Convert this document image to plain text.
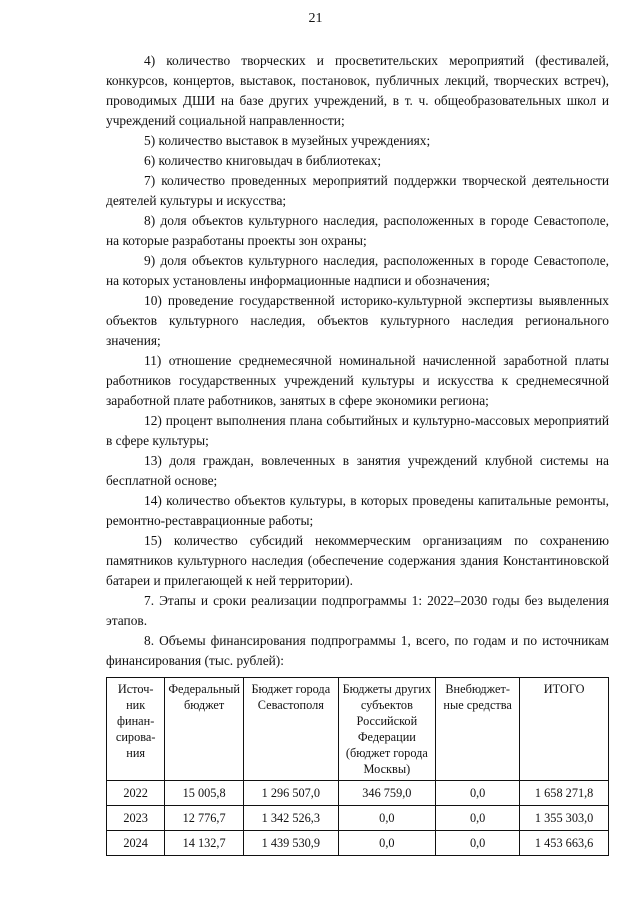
21

4) количество творческих и просветительских мероприятий (фестивалей, конкурсов, концертов, выставок, постановок, публичных лекций, творческих встреч), проводимых ДШИ на базе других учреждений, в т. ч. общеобразовательных школ и учреждений социальной направленности;

5) количество выставок в музейных учреждениях;

6) количество книговыдач в библиотеках;

7) количество проведенных мероприятий поддержки творческой деятельности деятелей культуры и искусства;

8) доля объектов культурного наследия, расположенных в городе Севастополе, на которые разработаны проекты зон охраны;

9) доля объектов культурного наследия, расположенных в городе Севастополе, на которых установлены информационные надписи и обозначения;

10) проведение государственной историко-культурной экспертизы выявленных объектов культурного наследия, объектов культурного наследия регионального значения;

11) отношение среднемесячной номинальной начисленной заработной платы работников государственных учреждений культуры и искусства к среднемесячной заработной плате работников, занятых в сфере экономики региона;

12) процент выполнения плана событийных и культурно-массовых мероприятий в сфере культуры;

13) доля граждан, вовлеченных в занятия учреждений клубной системы на бесплатной основе;

14) количество объектов культуры, в которых проведены капитальные ремонты, ремонтно-реставрационные работы;

15) количество субсидий некоммерческим организациям по сохранению памятников культурного наследия (обеспечение содержания здания Константиновской батареи и прилегающей к ней территории).

7. Этапы и сроки реализации подпрограммы 1: 2022–2030 годы без выделения этапов.

8. Объемы финансирования подпрограммы 1, всего, по годам и по источникам финансирования (тыс. рублей):

Источ-ник финан-сирова-ния	Федеральный бюджет	Бюджет города Севастополя	Бюджеты других субъектов Российской Федерации (бюджет города Москвы)	Внебюджет-ные средства	ИТОГО
2022	15 005,8	1 296 507,0	346 759,0	0,0	1 658 271,8
2023	12 776,7	1 342 526,3	0,0	0,0	1 355 303,0
2024	14 132,7	1 439 530,9	0,0	0,0	1 453 663,6
